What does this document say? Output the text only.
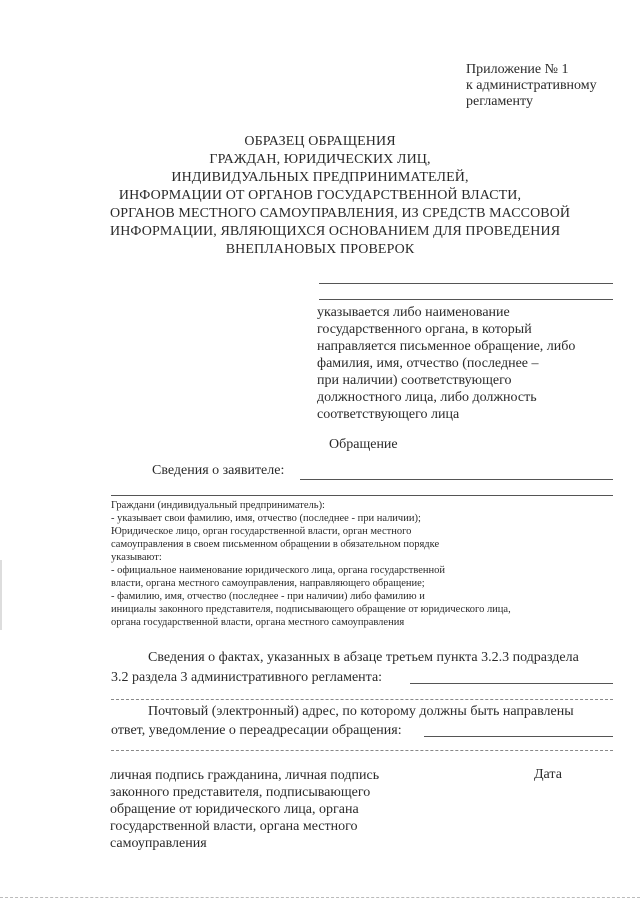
Приложение № 1
к административному
регламенту
ОБРАЗЕЦ ОБРАЩЕНИЯ
ГРАЖДАН, ЮРИДИЧЕСКИХ ЛИЦ,
ИНДИВИДУАЛЬНЫХ ПРЕДПРИНИМАТЕЛЕЙ,
ИНФОРМАЦИИ ОТ ОРГАНОВ ГОСУДАРСТВЕННОЙ ВЛАСТИ,
ОРГАНОВ МЕСТНОГО САМОУПРАВЛЕНИЯ, ИЗ СРЕДСТВ МАССОВОЙ
ИНФОРМАЦИИ, ЯВЛЯЮЩИХСЯ ОСНОВАНИЕМ ДЛЯ ПРОВЕДЕНИЯ
ВНЕПЛАНОВЫХ ПРОВЕРОК
указывается либо наименование
государственного органа, в который
направляется письменное обращение, либо
фамилия, имя, отчество (последнее –
при наличии) соответствующего
должностного лица, либо должность
соответствующего лица
Обращение
Сведения о заявителе:
Граждани (индивидуальный предприниматель):
- указывает свои фамилию, имя, отчество (последнее - при наличии);
Юридическое лицо, орган государственной власти, орган местного
самоуправления в своем письменном обращении в обязательном порядке
указывают:
- официальное наименование юридического лица, органа государственной
власти, органа местного самоуправления, направляющего обращение;
- фамилию, имя, отчество (последнее - при наличии) либо фамилию и
инициалы законного представителя, подписывающего обращение от юридического лица,
органа государственной власти, органа местного самоуправления
Сведения о фактах, указанных в абзаце третьем пункта 3.2.3 подраздела
3.2 раздела 3 административного регламента:
Почтовый (электронный) адрес, по которому должны быть направлены
ответ, уведомление о переадресации обращения:
личная подпись гражданина, личная подпись
законного представителя, подписывающего
обращение от юридического лица, органа
государственной власти, органа местного
самоуправления
Дата
